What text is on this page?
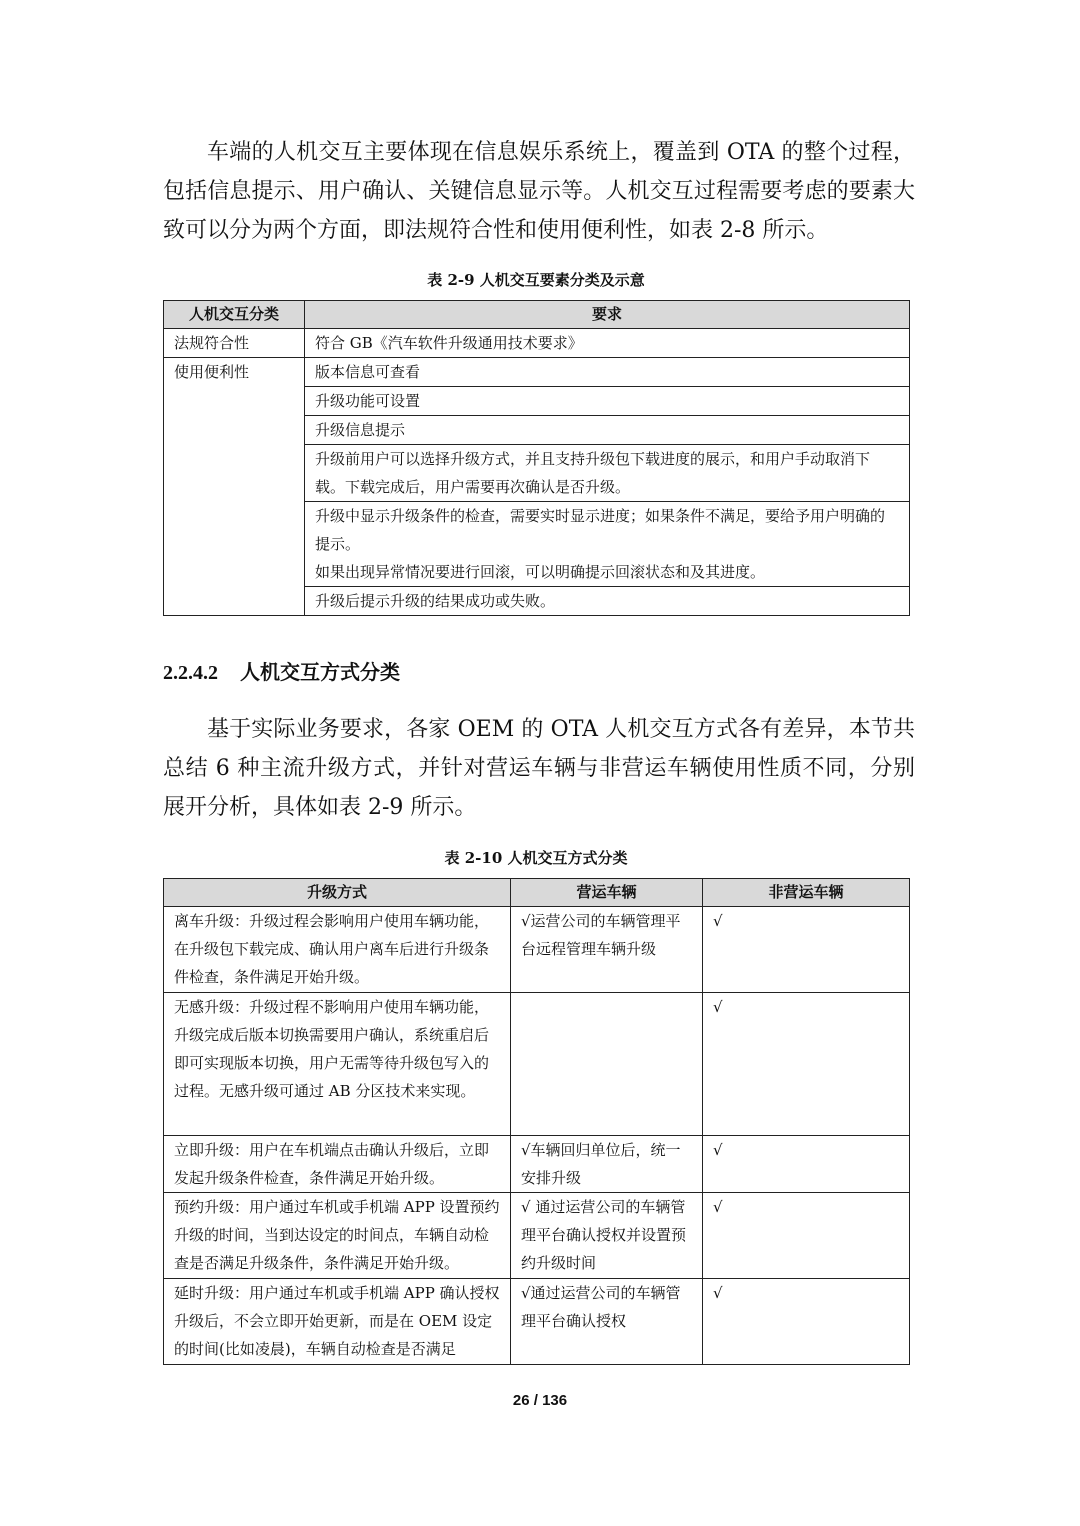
车端的人机交互主要体现在信息娱乐系统上，覆盖到 OTA 的整个过程，包括信息提示、用户确认、关键信息显示等。人机交互过程需要考虑的要素大致可以分为两个方面，即法规符合性和使用便利性，如表 2-8 所示。

表 2-9 人机交互要素分类及示意

人机交互分类	要求
法规符合性	符合 GB《汽车软件升级通用技术要求》
使用便利性	版本信息可查看
	升级功能可设置
	升级信息提示
	升级前用户可以选择升级方式，并且支持升级包下载进度的展示，和用户手动取消下载。下载完成后，用户需要再次确认是否升级。

	升级中显示升级条件的检查，需要实时显示进度；如果条件不满足，要给予用户明确的提示。
如果出现异常情况要进行回滚，可以明确提示回滚状态和及其进度。

	升级后提示升级的结果成功或失败。
2.2.4.2 人机交互方式分类

基于实际业务要求，各家 OEM 的 OTA 人机交互方式各有差异，本节共总结 6 种主流升级方式，并针对营运车辆与非营运车辆使用性质不同，分别展开分析，具体如表 2-9 所示。

表 2-10 人机交互方式分类

升级方式	营运车辆	非营运车辆
离车升级：升级过程会影响用户使用车辆功能，在升级包下载完成、确认用户离车后进行升级条件检查，条件满足开始升级。	√运营公司的车辆管理平台远程管理车辆升级	√
无感升级：升级过程不影响用户使用车辆功能，升级完成后版本切换需要用户确认，系统重启后即可实现版本切换，用户无需等待升级包写入的过程。无感升级可通过 AB 分区技术来实现。		√
立即升级：用户在车机端点击确认升级后，立即发起升级条件检查，条件满足开始升级。	√车辆回归单位后，统一安排升级	√
预约升级：用户通过车机或手机端 APP 设置预约升级的时间，当到达设定的时间点，车辆自动检查是否满足升级条件，条件满足开始升级。	√ 通过运营公司的车辆管理平台确认授权并设置预约升级时间	√
延时升级：用户通过车机或手机端 APP 确认授权升级后，不会立即开始更新，而是在 OEM 设定的时间(比如凌晨)，车辆自动检查是否满足	√通过运营公司的车辆管理平台确认授权	√
26 / 136
